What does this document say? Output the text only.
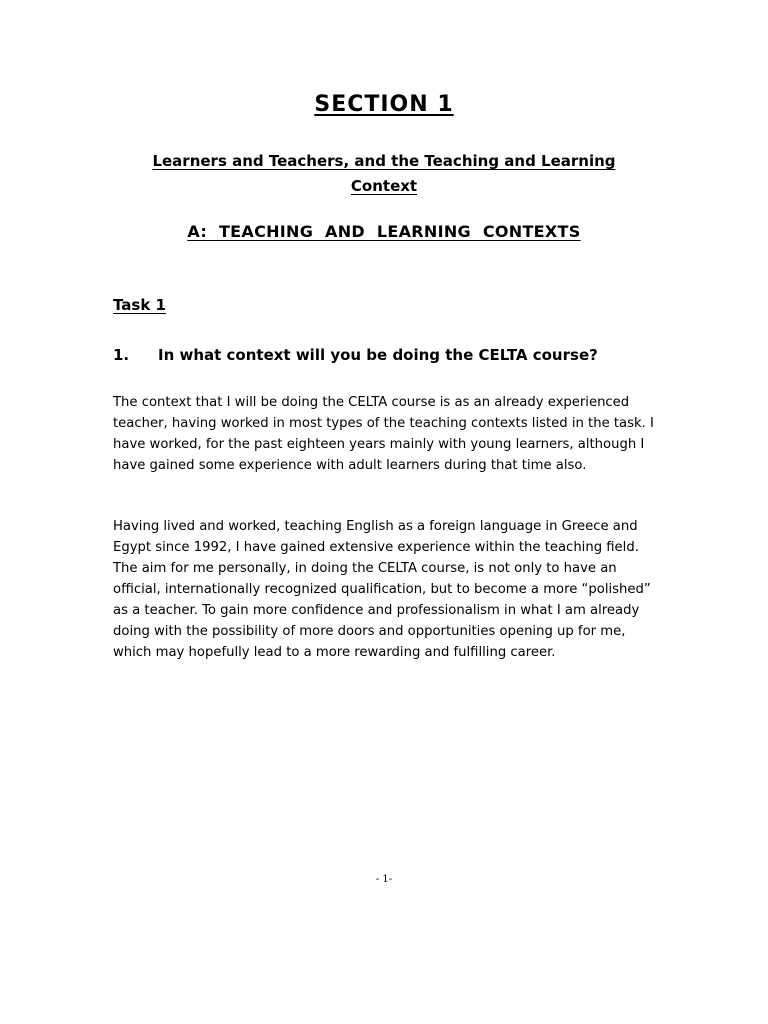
SECTION 1
Learners and Teachers, and the Teaching and Learning Context
A: TEACHING AND LEARNING CONTEXTS
Task 1
1. In what context will you be doing the CELTA course?

The context that I will be doing the CELTA course is as an already experienced teacher, having worked in most types of the teaching contexts listed in the task. I have worked, for the past eighteen years mainly with young learners, although I have gained some experience with adult learners during that time also.

Having lived and worked, teaching English as a foreign language in Greece and Egypt since 1992, I have gained extensive experience within the teaching field. The aim for me personally, in doing the CELTA course, is not only to have an official, internationally recognized qualification, but to become a more “polished” as a teacher. To gain more confidence and professionalism in what I am already doing with the possibility of more doors and opportunities opening up for me, which may hopefully lead to a more rewarding and fulfilling career.

- 1-
